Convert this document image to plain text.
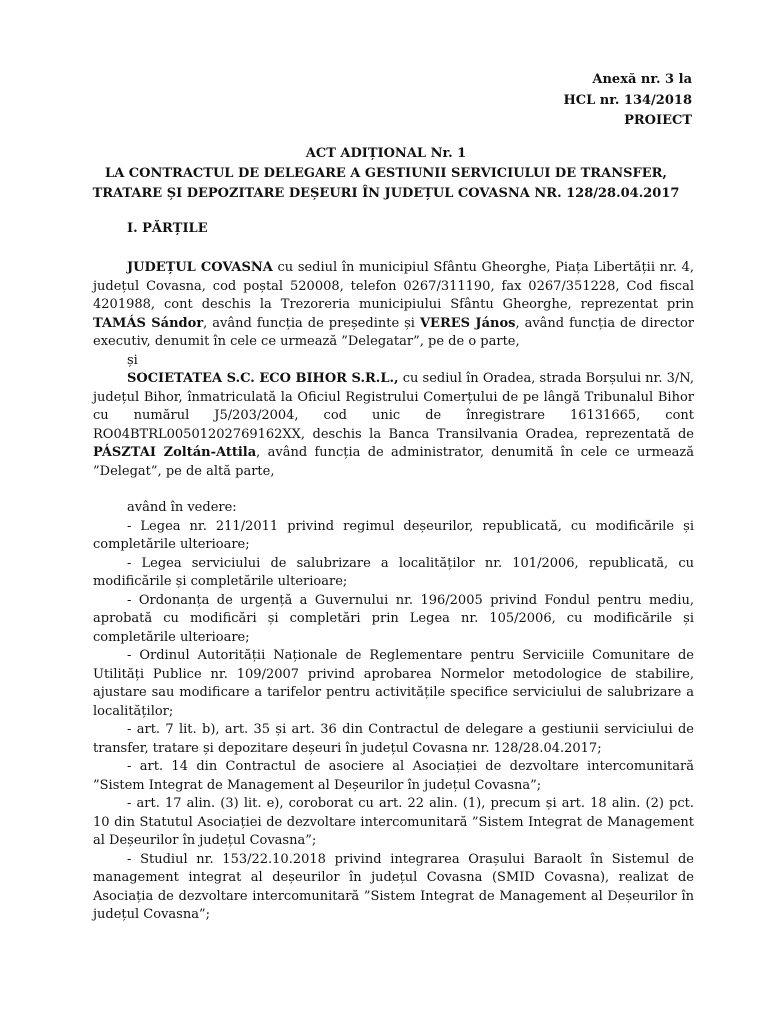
Anexă nr. 3 la
HCL nr. 134/2018
PROIECT
ACT ADIȚIONAL Nr. 1
LA CONTRACTUL DE DELEGARE A GESTIUNII SERVICIULUI DE TRANSFER,
TRATARE ȘI DEPOZITARE DEȘEURI ÎN JUDEȚUL COVASNA NR. 128/28.04.2017
I. PĂRȚILE

JUDEȚUL COVASNA cu sediul în municipiul Sfântu Gheorghe, Piața Libertății nr. 4, județul Covasna, cod poștal 520008, telefon 0267/311190, fax 0267/351228, Cod fiscal 4201988, cont deschis la Trezoreria municipiului Sfântu Gheorghe, reprezentat prin TAMÁS Sándor, având funcția de președinte și VERES János, având funcția de director executiv, denumit în cele ce urmează ”Delegatar”, pe de o parte,

și

SOCIETATEA S.C. ECO BIHOR S.R.L., cu sediul în Oradea, strada Borșului nr. 3/N, județul Bihor, înmatriculată la Oficiul Registrului Comerțului de pe lângă Tribunalul Bihor cu numărul J5/203/2004, cod unic de înregistrare 16131665, cont RO04BTRL00501202769162XX, deschis la Banca Transilvania Oradea, reprezentată de PÁSZTAI Zoltán-Attila, având funcția de administrator, denumită în cele ce urmează ”Delegat”, pe de altă parte,

având în vedere:

- Legea nr. 211/2011 privind regimul deșeurilor, republicată, cu modificările și completările ulterioare;

- Legea serviciului de salubrizare a localităților nr. 101/2006, republicată, cu modificările și completările ulterioare;

- Ordonanța de urgență a Guvernului nr. 196/2005 privind Fondul pentru mediu, aprobată cu modificări și completări prin Legea nr. 105/2006, cu modificările și completările ulterioare;

- Ordinul Autorității Naționale de Reglementare pentru Serviciile Comunitare de Utilități Publice nr. 109/2007 privind aprobarea Normelor metodologice de stabilire, ajustare sau modificare a tarifelor pentru activitățile specifice serviciului de salubrizare a localităților;

- art. 7 lit. b), art. 35 și art. 36 din Contractul de delegare a gestiunii serviciului de transfer, tratare și depozitare deșeuri în județul Covasna nr. 128/28.04.2017;

- art. 14 din Contractul de asociere al Asociației de dezvoltare intercomunitară ”Sistem Integrat de Management al Deșeurilor în județul Covasna”;

- art. 17 alin. (3) lit. e), coroborat cu art. 22 alin. (1), precum și art. 18 alin. (2) pct. 10 din Statutul Asociației de dezvoltare intercomunitară ”Sistem Integrat de Management al Deșeurilor în județul Covasna”;

- Studiul nr. 153/22.10.2018 privind integrarea Orașului Baraolt în Sistemul de management integrat al deșeurilor în județul Covasna (SMID Covasna), realizat de Asociația de dezvoltare intercomunitară ”Sistem Integrat de Management al Deșeurilor în județul Covasna”;
